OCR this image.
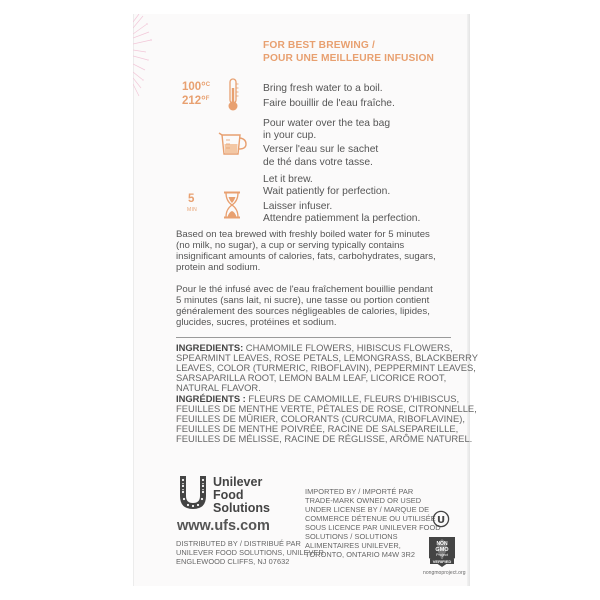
FOR BEST BREWING /
POUR UNE MEILLEURE INFUSION
100°$^C$
212°$^F$
Bring fresh water to a boil.
Faire bouillir de l'eau fraîche.
Pour water over the tea bag
in your cup.
Verser l'eau sur le sachet
de thé dans votre tasse.
5
MIN
Let it brew.
Wait patiently for perfection.
Laisser infuser.
Attendre patiemment la perfection.
Based on tea brewed with freshly boiled water for 5 minutes
(no milk, no sugar), a cup or serving typically contains
insignificant amounts of calories, fats, carbohydrates, sugars,
protein and sodium.
Pour le thé infusé avec de l'eau fraîchement bouillie pendant
5 minutes (sans lait, ni sucre), une tasse ou portion contient
généralement des sources négligeables de calories, lipides,
glucides, sucres, protéines et sodium.
INGREDIENTS: CHAMOMILE FLOWERS, HIBISCUS FLOWERS,
SPEARMINT LEAVES, ROSE PETALS, LEMONGRASS, BLACKBERRY
LEAVES, COLOR (TURMERIC, RIBOFLAVIN), PEPPERMINT LEAVES,
SARSAPARILLA ROOT, LEMON BALM LEAF, LICORICE ROOT,
NATURAL FLAVOR.
INGRÉDIENTS : FLEURS DE CAMOMILLE, FLEURS D'HIBISCUS,
FEUILLES DE MENTHE VERTE, PÉTALES DE ROSE, CITRONNELLE,
FEUILLES DE MÛRIER, COLORANTS (CURCUMA, RIBOFLAVINE),
FEUILLES DE MENTHE POIVRÉE, RACINE DE SALSEPAREILLE,
FEUILLES DE MÉLISSE, RACINE DE RÉGLISSE, ARÔME NATUREL.
Unilever
Food
Solutions
www.ufs.com
DISTRIBUTED BY / DISTRIBUÉ PAR
UNILEVER FOOD SOLUTIONS, UNILEVER
ENGLEWOOD CLIFFS, NJ 07632
IMPORTED BY / IMPORTÉ PAR
TRADE-MARK OWNED OR USED
UNDER LICENSE BY / MARQUE DE
COMMERCE DÉTENUE OU UTILISÉE
SOUS LICENCE PAR UNILEVER FOOD
SOLUTIONS / SOLUTIONS
ALIMENTAIRES UNILEVER,
TORONTO, ONTARIO M4W 3R2
U
NON
GMO
Project
VERIFIED
nongmoproject.org
